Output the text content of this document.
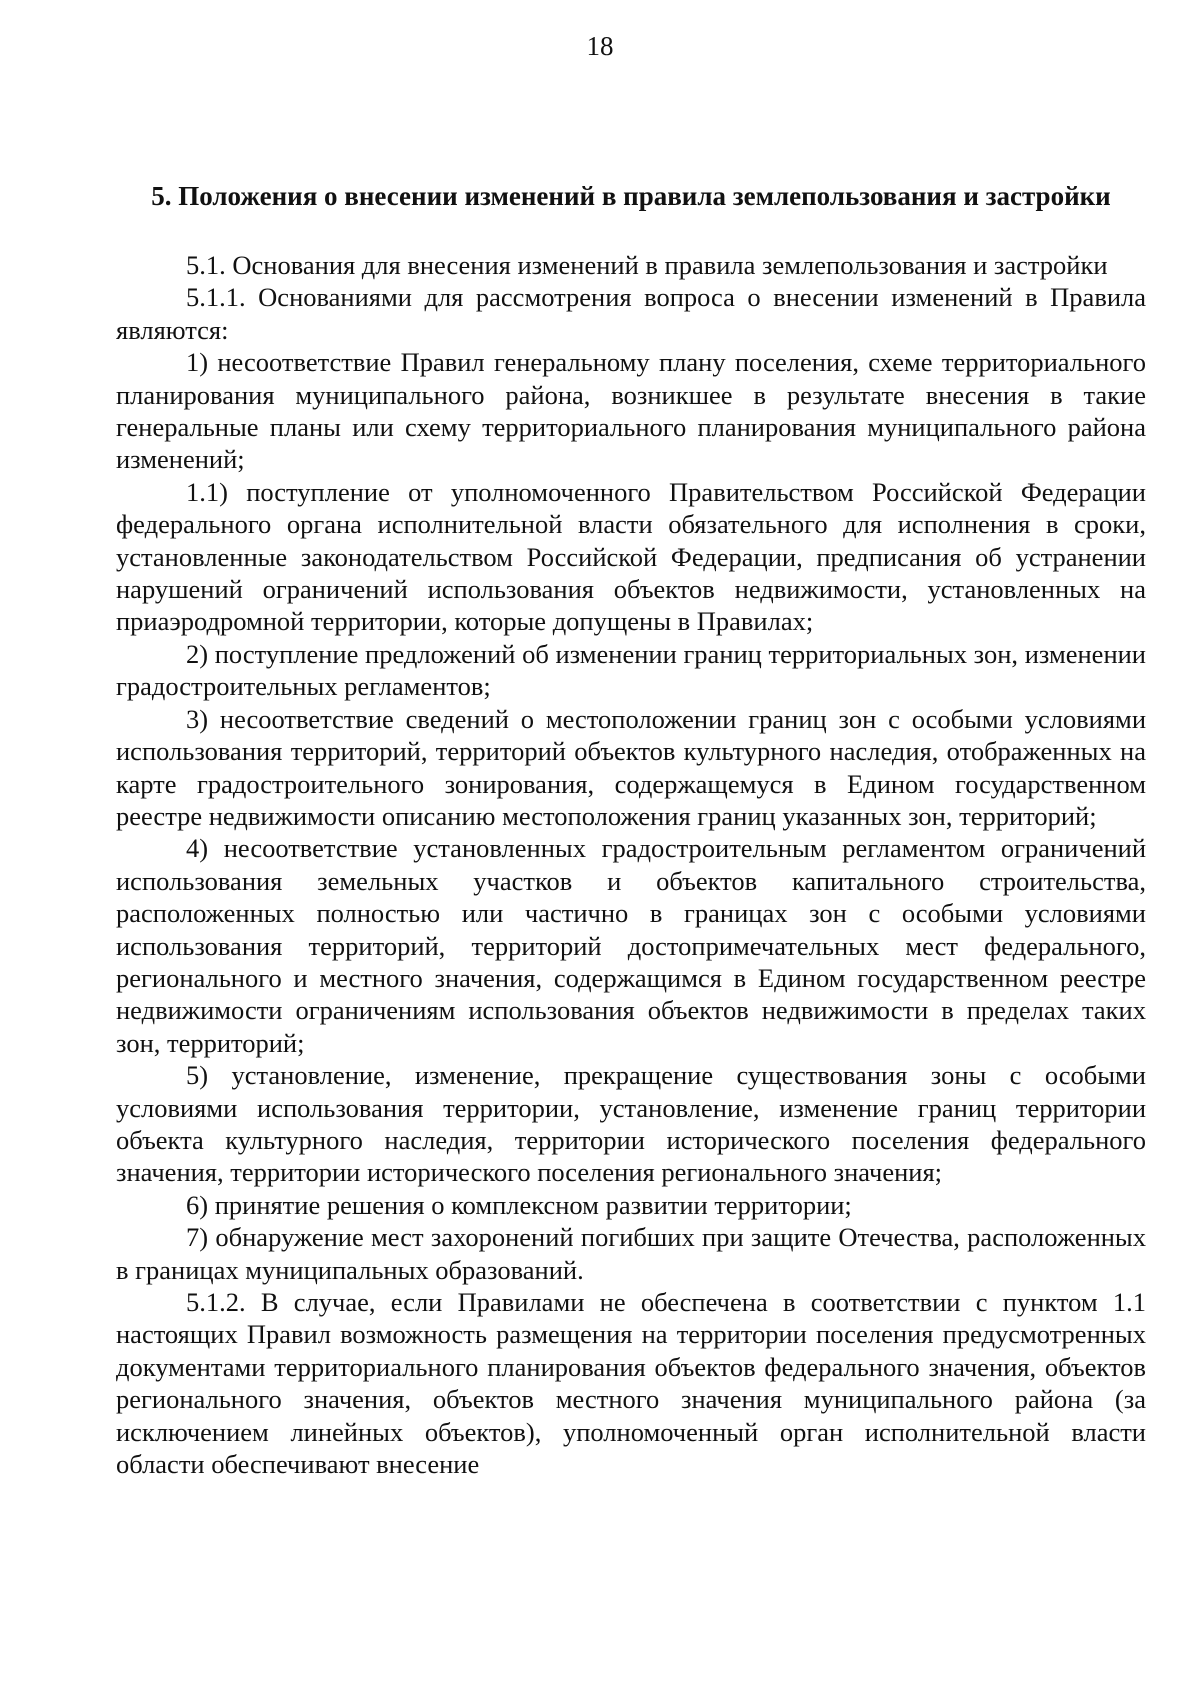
18
5. Положения о внесении изменений в правила землепользования и застройки

5.1. Основания для внесения изменений в правила землепользования и застройки

5.1.1. Основаниями для рассмотрения вопроса о внесении изменений в Правила являются:

1) несоответствие Правил генеральному плану поселения, схеме территориального планирования муниципального района, возникшее в результате внесения в такие генеральные планы или схему территориального планирования муниципального района изменений;

1.1) поступление от уполномоченного Правительством Российской Федерации федерального органа исполнительной власти обязательного для исполнения в сроки, установленные законодательством Российской Федерации, предписания об устранении нарушений ограничений использования объектов недвижимости, установленных на приаэродромной территории, которые допущены в Правилах;

2) поступление предложений об изменении границ территориальных зон, изменении градостроительных регламентов;

3) несоответствие сведений о местоположении границ зон с особыми условиями использования территорий, территорий объектов культурного наследия, отображенных на карте градостроительного зонирования, содержащемуся в Едином государственном реестре недвижимости описанию местоположения границ указанных зон, территорий;

4) несоответствие установленных градостроительным регламентом ограничений использования земельных участков и объектов капитального строительства, расположенных полностью или частично в границах зон с особыми условиями использования территорий, территорий достопримечательных мест федерального, регионального и местного значения, содержащимся в Едином государственном реестре недвижимости ограничениям использования объектов недвижимости в пределах таких зон, территорий;

5) установление, изменение, прекращение существования зоны с особыми условиями использования территории, установление, изменение границ территории объекта культурного наследия, территории исторического поселения федерального значения, территории исторического поселения регионального значения;

6) принятие решения о комплексном развитии территории;

7) обнаружение мест захоронений погибших при защите Отечества, расположенных в границах муниципальных образований.

5.1.2. В случае, если Правилами не обеспечена в соответствии с пунктом 1.1 настоящих Правил возможность размещения на территории поселения предусмотренных документами территориального планирования объектов федерального значения, объектов регионального значения, объектов местного значения муниципального района (за исключением линейных объектов), уполномоченный орган исполнительной власти области обеспечивают внесение
